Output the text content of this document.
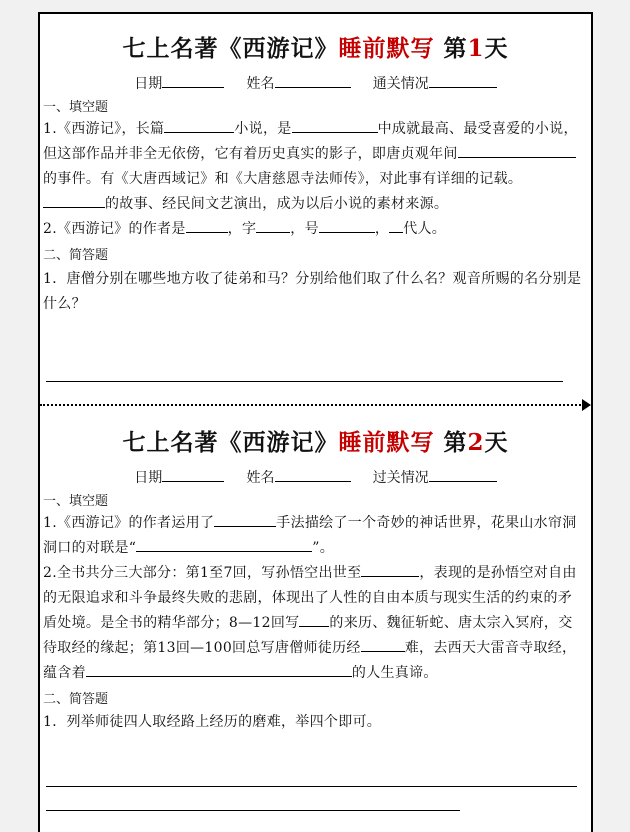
七上名著《西游记》睡前默写 第1天

日期	姓名	通关情况

一、填空题

1.《西游记》，长篇	小说，是	中成就最高、最受喜爱的小说，但这部作品并非全无依傍，它有着历史真实的影子，即唐贞观年间的事件。有《大唐西域记》和《大唐慈恩寺法师传》，对此事有详细的记载。的故事、经民间文艺演出，成为以后小说的素材来源。

2.《西游记》的作者是	，字 ，号	， 代人。

二、简答题

1．唐僧分别在哪些地方收了徒弟和马？分别给他们取了什么名？观音所赐的名分别是什么？

七上名著《西游记》睡前默写 第2天

日期	姓名	过关情况

一、填空题

1.《西游记》的作者运用了	手法描绘了一个奇妙的神话世界，花果山水帘洞洞口的对联是“	”。

2.全书共分三大部分：第1至7回，写孙悟空出世至	，表现的是孙悟空对自由的无限追求和斗争最终失败的悲剧，体现出了人性的自由本质与现实生活的约束的矛盾处境。是全书的精华部分；8—12回写 的来历、魏征斩蛇、唐太宗入冥府，交待取经的缘起；第13回—100回总写唐僧师徒历经	难，去西天大雷音寺取经，蕴含着	的人生真谛。

二、简答题

1．列举师徒四人取经路上经历的磨难，举四个即可。
